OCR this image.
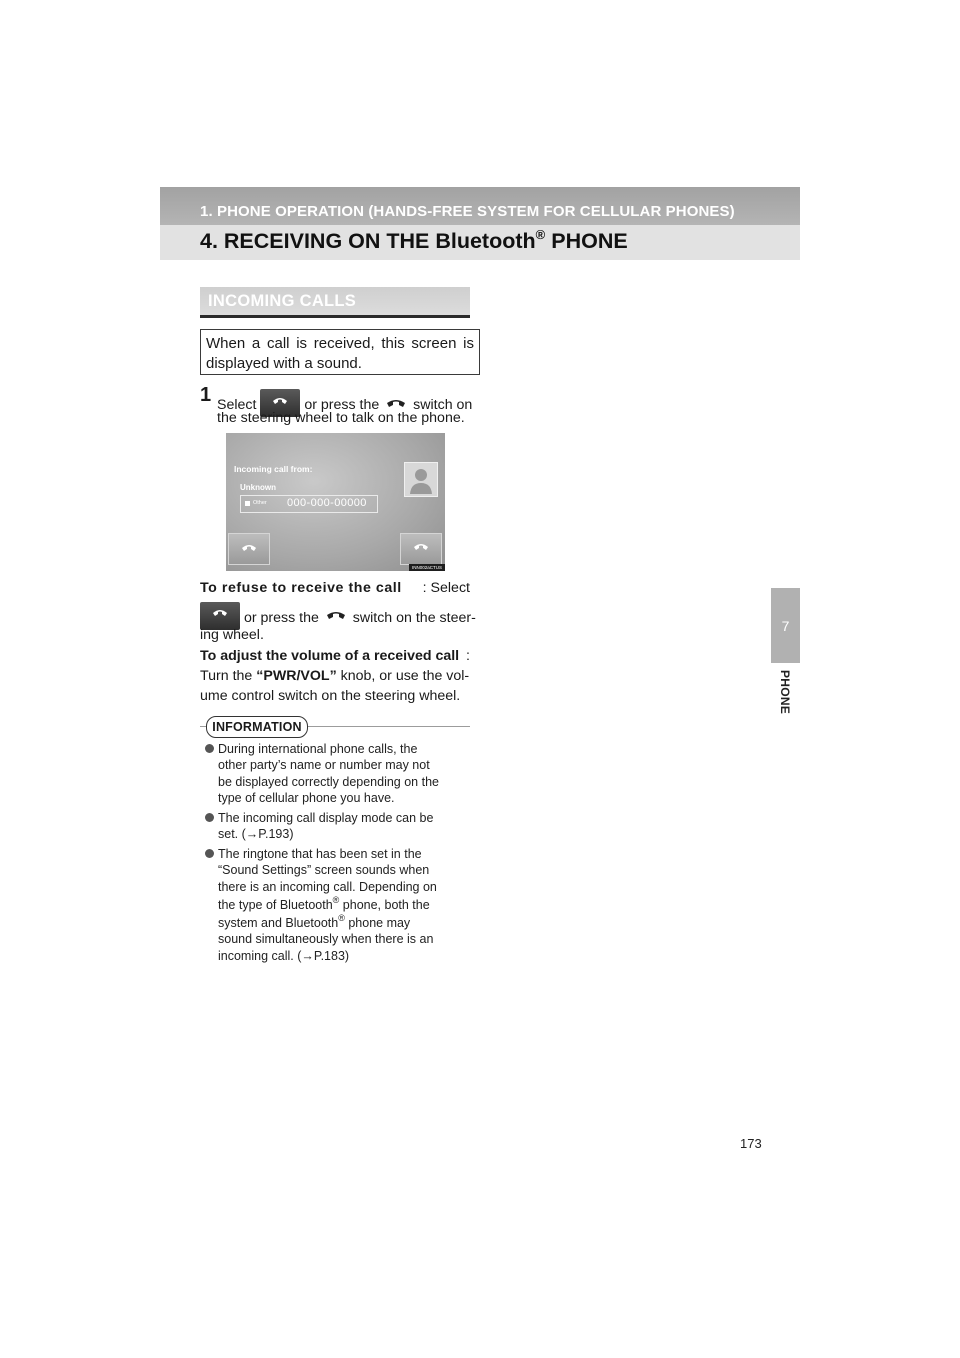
1. PHONE OPERATION (HANDS-FREE SYSTEM FOR CELLULAR PHONES)
4. RECEIVING ON THE Bluetooth® PHONE
7
PHONE
INCOMING CALLS
When a call is received, this screen is displayed with a sound.
1 Select	or press the switch on
the steering wheel to talk on the phone.
Incoming call from:
Unknown
Other 000-000-00000
INN002aCTUS
To refuse to receive the call : Select
or press the switch on the steer-
ing wheel.
To adjust the volume of a received call :
Turn the “PWR/VOL” knob, or use the vol-
ume control switch on the steering wheel.
INFORMATION
During international phone calls, the
other party’s name or number may not
be displayed correctly depending on the
type of cellular phone you have.
The incoming call display mode can be
set. (→P.193)
The ringtone that has been set in the
“Sound Settings” screen sounds when
there is an incoming call. Depending on
the type of Bluetooth® phone, both the
system and Bluetooth® phone may
sound simultaneously when there is an
incoming call. (→P.183)
173
